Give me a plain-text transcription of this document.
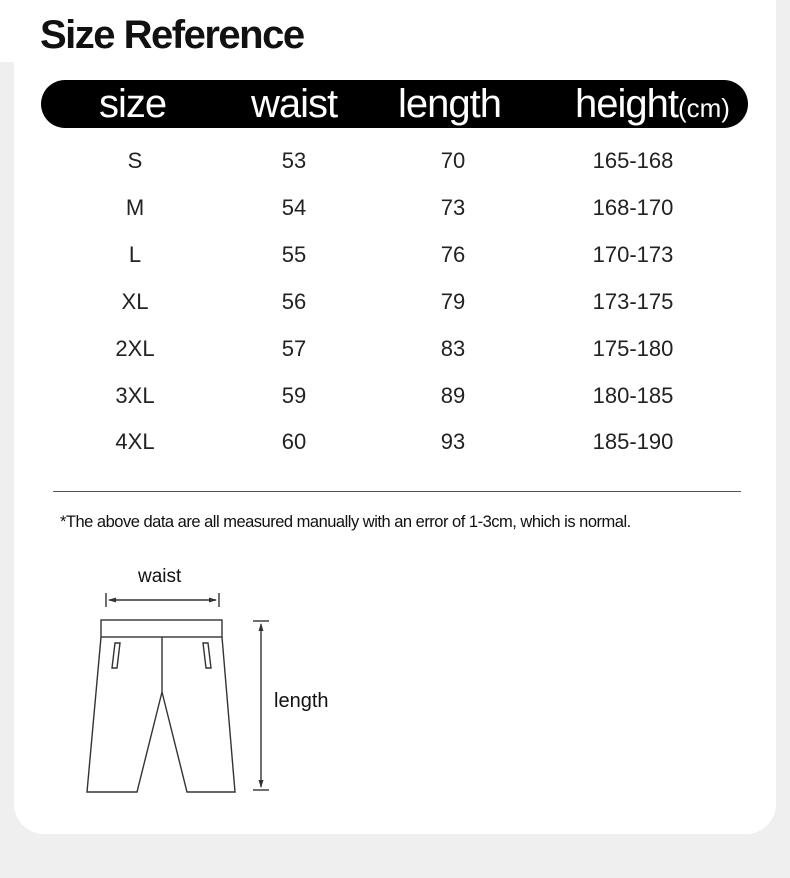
Size Reference
size waist length height(cm)
S	53	70	165-168
M	54	73	168-170
L	55	76	170-173
XL	56	79	173-175
2XL	57	83	175-180
3XL	59	89	180-185
4XL	60	93	185-190
*The above data are all measured manually with an error of 1-3cm, which is normal.
waist
length
